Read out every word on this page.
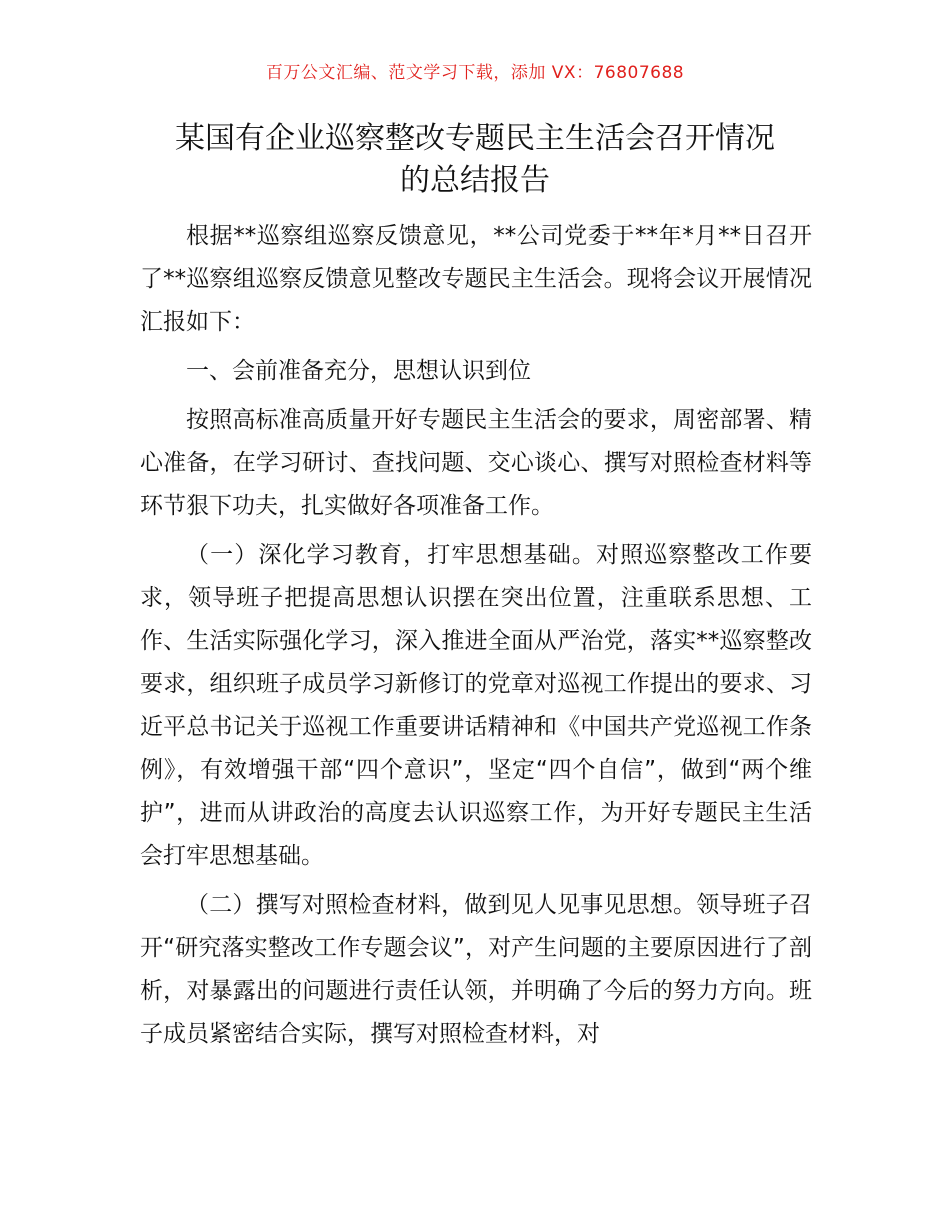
百万公文汇编、范文学习下载，添加 VX：76807688
某国有企业巡察整改专题民主生活会召开情况
的总结报告

根据**巡察组巡察反馈意见，**公司党委于**年*月**日召开了**巡察组巡察反馈意见整改专题民主生活会。现将会议开展情况汇报如下：

一、会前准备充分，思想认识到位

按照高标准高质量开好专题民主生活会的要求，周密部署、精心准备，在学习研讨、查找问题、交心谈心、撰写对照检查材料等环节狠下功夫，扎实做好各项准备工作。

（一）深化学习教育，打牢思想基础。对照巡察整改工作要求，领导班子把提高思想认识摆在突出位置，注重联系思想、工作、生活实际强化学习，深入推进全面从严治党，落实**巡察整改要求，组织班子成员学习新修订的党章对巡视工作提出的要求、习近平总书记关于巡视工作重要讲话精神和《中国共产党巡视工作条例》，有效增强干部“四个意识”，坚定“四个自信”，做到“两个维护”，进而从讲政治的高度去认识巡察工作，为开好专题民主生活会打牢思想基础。

（二）撰写对照检查材料，做到见人见事见思想。领导班子召开“研究落实整改工作专题会议”，对产生问题的主要原因进行了剖析，对暴露出的问题进行责任认领，并明确了今后的努力方向。班子成员紧密结合实际，撰写对照检查材料，对
